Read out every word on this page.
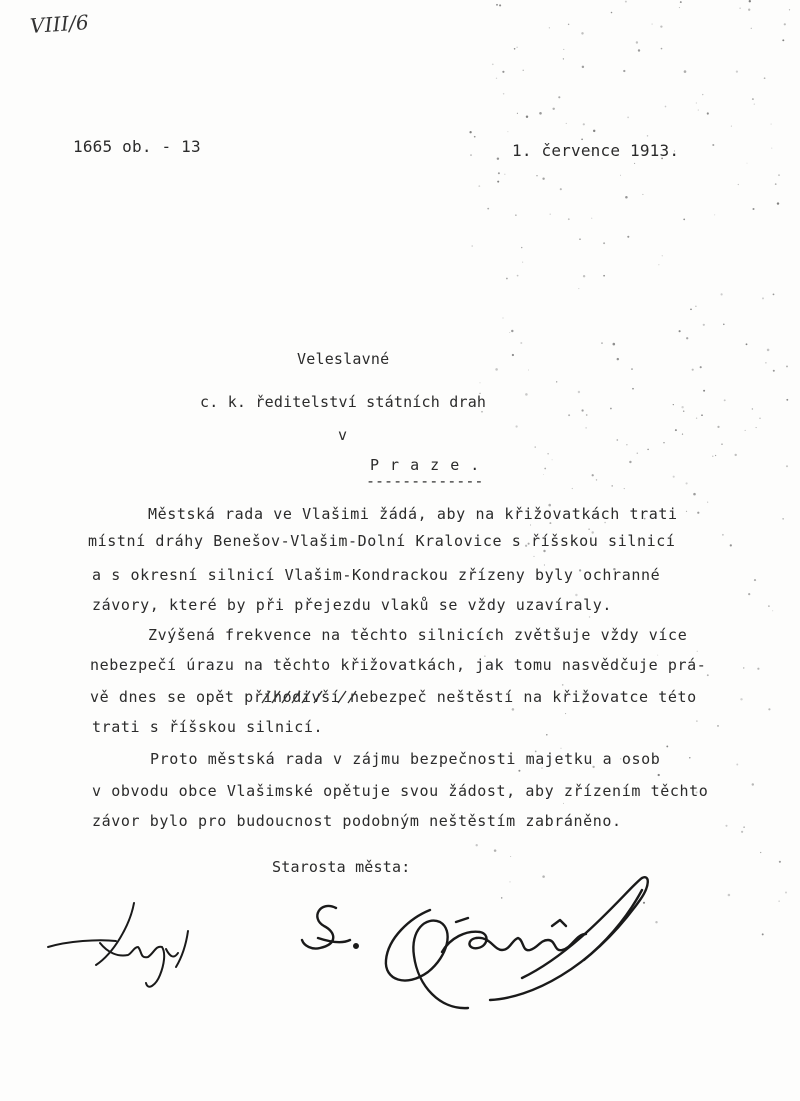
VIII/6
1665 ob. - 13	1. července 1913.
Veleslavné
c. k. ředitelství státních drah
v
P r a z e .
-------------
Městská rada ve Vlašimi žádá, aby na křižovatkách trati
místní dráhy Benešov-Vlašim-Dolní Kralovice s říšskou silnicí
a s okresní silnicí Vlašim-Kondrackou zřízeny byly ochranné
závory, které by při přejezdu vlaků se vždy uzavíraly.
Zvýšená frekvence na těchto silnicích zvětšuje vždy více
nebezpečí úrazu na těchto křižovatkách, jak tomu nasvědčuje prá-
vě dnes se opět přihodivší nebezpeč neštěstí na křižovatce této
trati s říšskou silnicí.
Proto městská rada v zájmu bezpečnosti majetku a osob
v obvodu obce Vlašimské opětuje svou žádost, aby zřízením těchto
závor bylo pro budoucnost podobným neštěstím zabráněno.
Starosta města:
